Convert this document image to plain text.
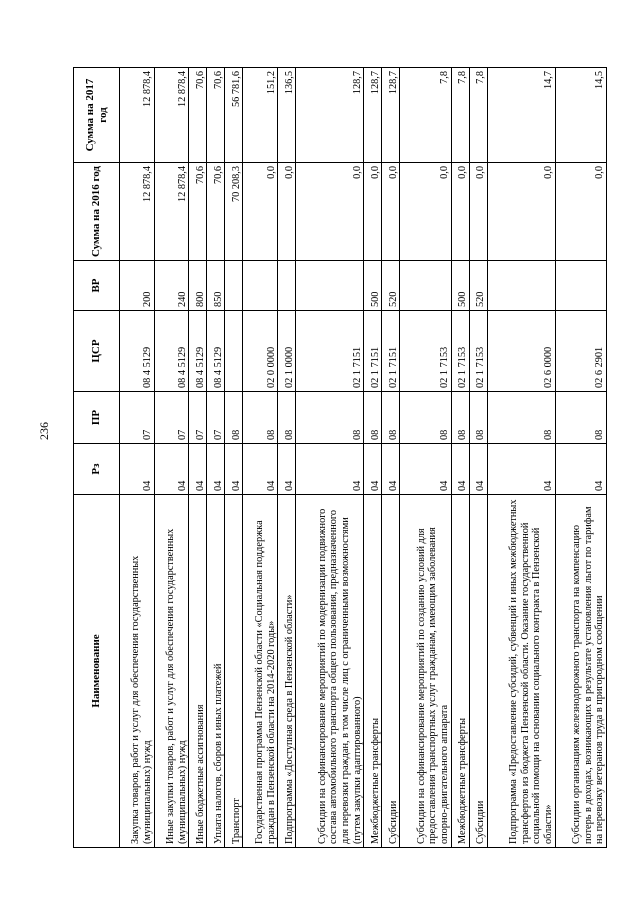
236
Наименование	Рз	ПР	ЦСР	ВР	Сумма на 2016 год	Сумма на 2017 год
Закупка товаров, работ и услуг для обеспечения государственных (муниципальных) нужд	04	07	08 4 5129	200	12 878,4	12 878,4
Иные закупки товаров, работ и услуг для обеспечения государственных (муниципальных) нужд	04	07	08 4 5129	240	12 878,4	12 878,4
Иные бюджетные ассигнования	04	07	08 4 5129	800	70,6	70,6
Уплата налогов, сборов и иных платежей	04	07	08 4 5129	850	70,6	70,6
Транспорт	04	08			70 208,3	56 781,6
Государственная программа Пензенской области «Социальная поддержка граждан в Пензенской области на 2014-2020 годы»	04	08	02 0 0000		0,0	151,2
Подпрограмма «Доступная среда в Пензенской области»	04	08	02 1 0000		0,0	136,5
Субсидии на софинансирование мероприятий по модернизации подвижного состава автомобильного транспорта общего пользования, предназначенного для перевозки граждан, в том числе лиц с ограниченными возможностями (путем закупки адаптированного)	04	08	02 1 7151		0,0	128,7
Межбюджетные трансферты	04	08	02 1 7151	500	0,0	128,7
Субсидии	04	08	02 1 7151	520	0,0	128,7
Субсидии на софинансирование мероприятий по созданию условий для предоставления транспортных услуг гражданам, имеющим заболевания опорно-двигательного аппарата	04	08	02 1 7153		0,0	7,8
Межбюджетные трансферты	04	08	02 1 7153	500	0,0	7,8
Субсидии	04	08	02 1 7153	520	0,0	7,8
Подпрограмма «Предоставление субсидий, субвенций и иных межбюджетных трансфертов из бюджета Пензенской области. Оказание государственной социальной помощи на основании социального контракта в Пензенской области»	04	08	02 6 0000		0,0	14,7
Субсидии организациям железнодорожного транспорта на компенсацию потерь в доходах, возникающих в результате установления льгот по тарифам на перевозку ветеранов труда в пригородном сообщении	04	08	02 6 2901		0,0	14,5
